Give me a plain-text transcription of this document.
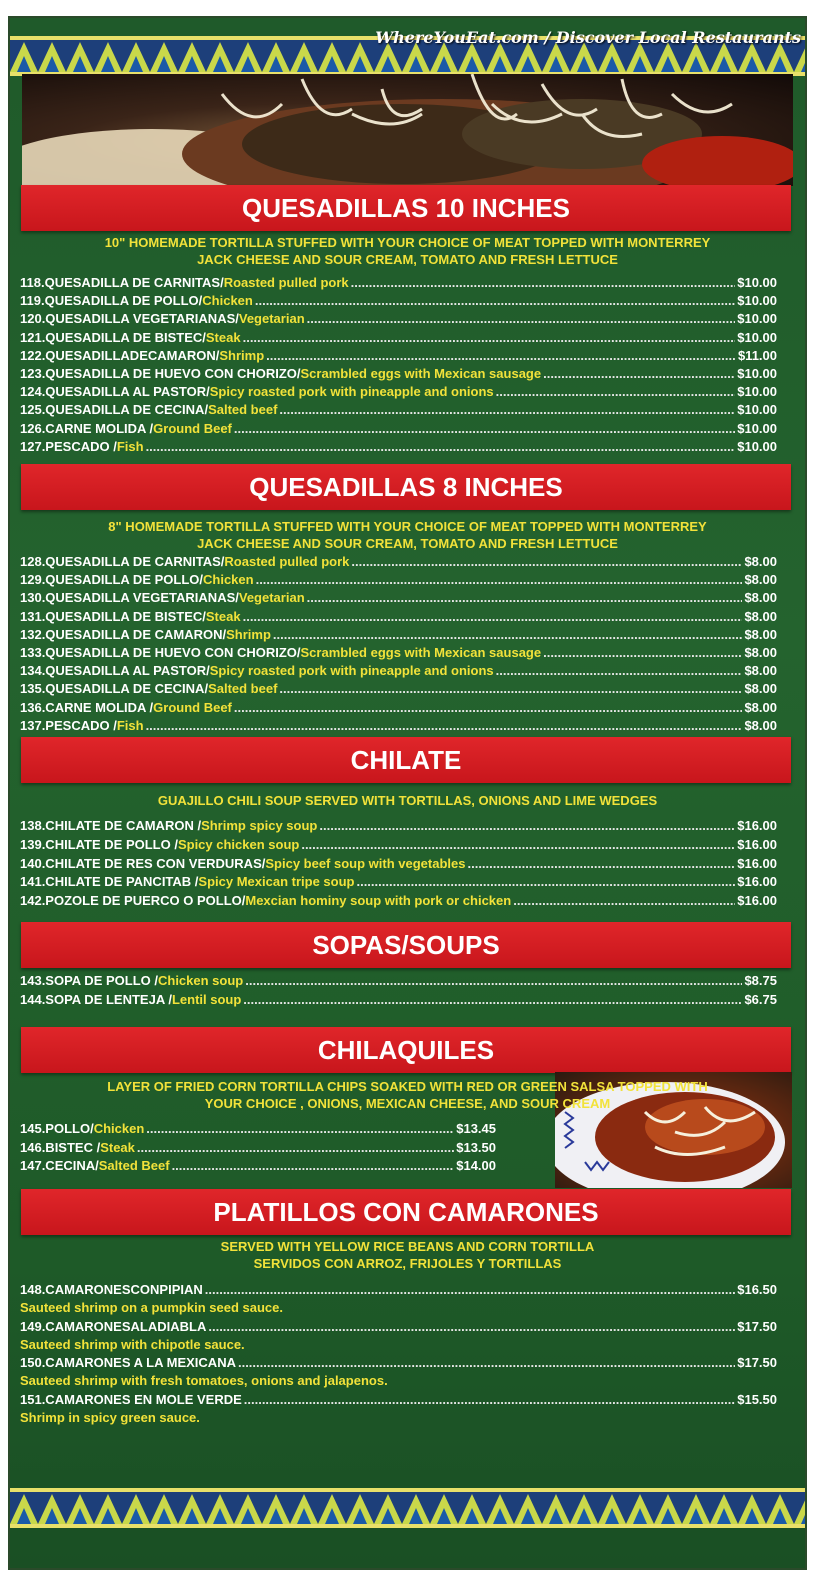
WhereYouEat.com / Discover Local Restaurants
QUESADILLAS 10 INCHES
10" HOMEMADE TORTILLA STUFFED WITH YOUR CHOICE OF MEAT TOPPED WITH MONTERREY
JACK CHEESE AND SOUR CREAM, TOMATO AND FRESH LETTUCE
118.QUESADILLA DE CARNITAS/ Roasted pulled pork .....	$10.00
119.QUESADILLA DE POLLO/ Chicken .....	$10.00
120.QUESADILLA VEGETARIANAS/ Vegetarian .....	$10.00
121.QUESADILLA DE BISTEC/ Steak .....	$10.00
122.QUESADILLADECAMARON/ Shrimp .....	$11.00
123.QUESADILLA DE HUEVO CON CHORIZO/ Scrambled eggs with Mexican sausage .....	$10.00
124.QUESADILLA AL PASTOR/ Spicy roasted pork with pineapple and onions .....	$10.00
125.QUESADILLA DE CECINA/ Salted beef .....	$10.00
126.CARNE MOLIDA / Ground Beef .....	$10.00
127.PESCADO / Fish .....	$10.00
QUESADILLAS 8 INCHES
8" HOMEMADE TORTILLA STUFFED WITH YOUR CHOICE OF MEAT TOPPED WITH MONTERREY
JACK CHEESE AND SOUR CREAM, TOMATO AND FRESH LETTUCE
128.QUESADILLA DE CARNITAS/ Roasted pulled pork .....	$8.00
129.QUESADILLA DE POLLO/ Chicken .....	$8.00
130.QUESADILLA VEGETARIANAS/ Vegetarian .....	$8.00
131.QUESADILLA DE BISTEC/ Steak .....	$8.00
132.QUESADILLA DE CAMARON/ Shrimp .....	$8.00
133.QUESADILLA DE HUEVO CON CHORIZO/ Scrambled eggs with Mexican sausage .....	$8.00
134.QUESADILLA AL PASTOR/ Spicy roasted pork with pineapple and onions .....	$8.00
135.QUESADILLA DE CECINA/ Salted beef .....	$8.00
136.CARNE MOLIDA / Ground Beef .....	$8.00
137.PESCADO / Fish .....	$8.00
CHILATE
GUAJILLO CHILI SOUP SERVED WITH TORTILLAS, ONIONS AND LIME WEDGES
138.CHILATE DE CAMARON / Shrimp spicy soup .....	$16.00
139.CHILATE DE POLLO / Spicy chicken soup .....	$16.00
140.CHILATE DE RES CON VERDURAS/ Spicy beef soup with vegetables .....	$16.00
141.CHILATE DE PANCITAB / Spicy Mexican tripe soup .....	$16.00
142.POZOLE DE PUERCO O POLLO/ Mexcian hominy soup with pork or chicken .....	$16.00
SOPAS/SOUPS
143.SOPA DE POLLO / Chicken soup .....	$8.75
144.SOPA DE LENTEJA / Lentil soup .....	$6.75
CHILAQUILES
LAYER OF FRIED CORN TORTILLA CHIPS SOAKED WITH RED OR GREEN SALSA TOPPED WITH
YOUR CHOICE , ONIONS, MEXICAN CHEESE, AND SOUR CREAM
145.POLLO/ Chicken .....	$13.45
146.BISTEC / Steak .....	$13.50
147.CECINA/ Salted Beef .....	$14.00
PLATILLOS CON CAMARONES
SERVED WITH YELLOW RICE BEANS AND CORN TORTILLA
SERVIDOS CON ARROZ, FRIJOLES Y TORTILLAS
148.CAMARONESCONPIPIAN .....	$16.50
Sauteed shrimp on a pumpkin seed sauce.
149.CAMARONESALADIABLA .....	$17.50
Sauteed shrimp with chipotle sauce.
150.CAMARONES A LA MEXICANA .....	$17.50
Sauteed shrimp with fresh tomatoes, onions and jalapenos.
151.CAMARONES EN MOLE VERDE .....	$15.50
Shrimp in spicy green sauce.
